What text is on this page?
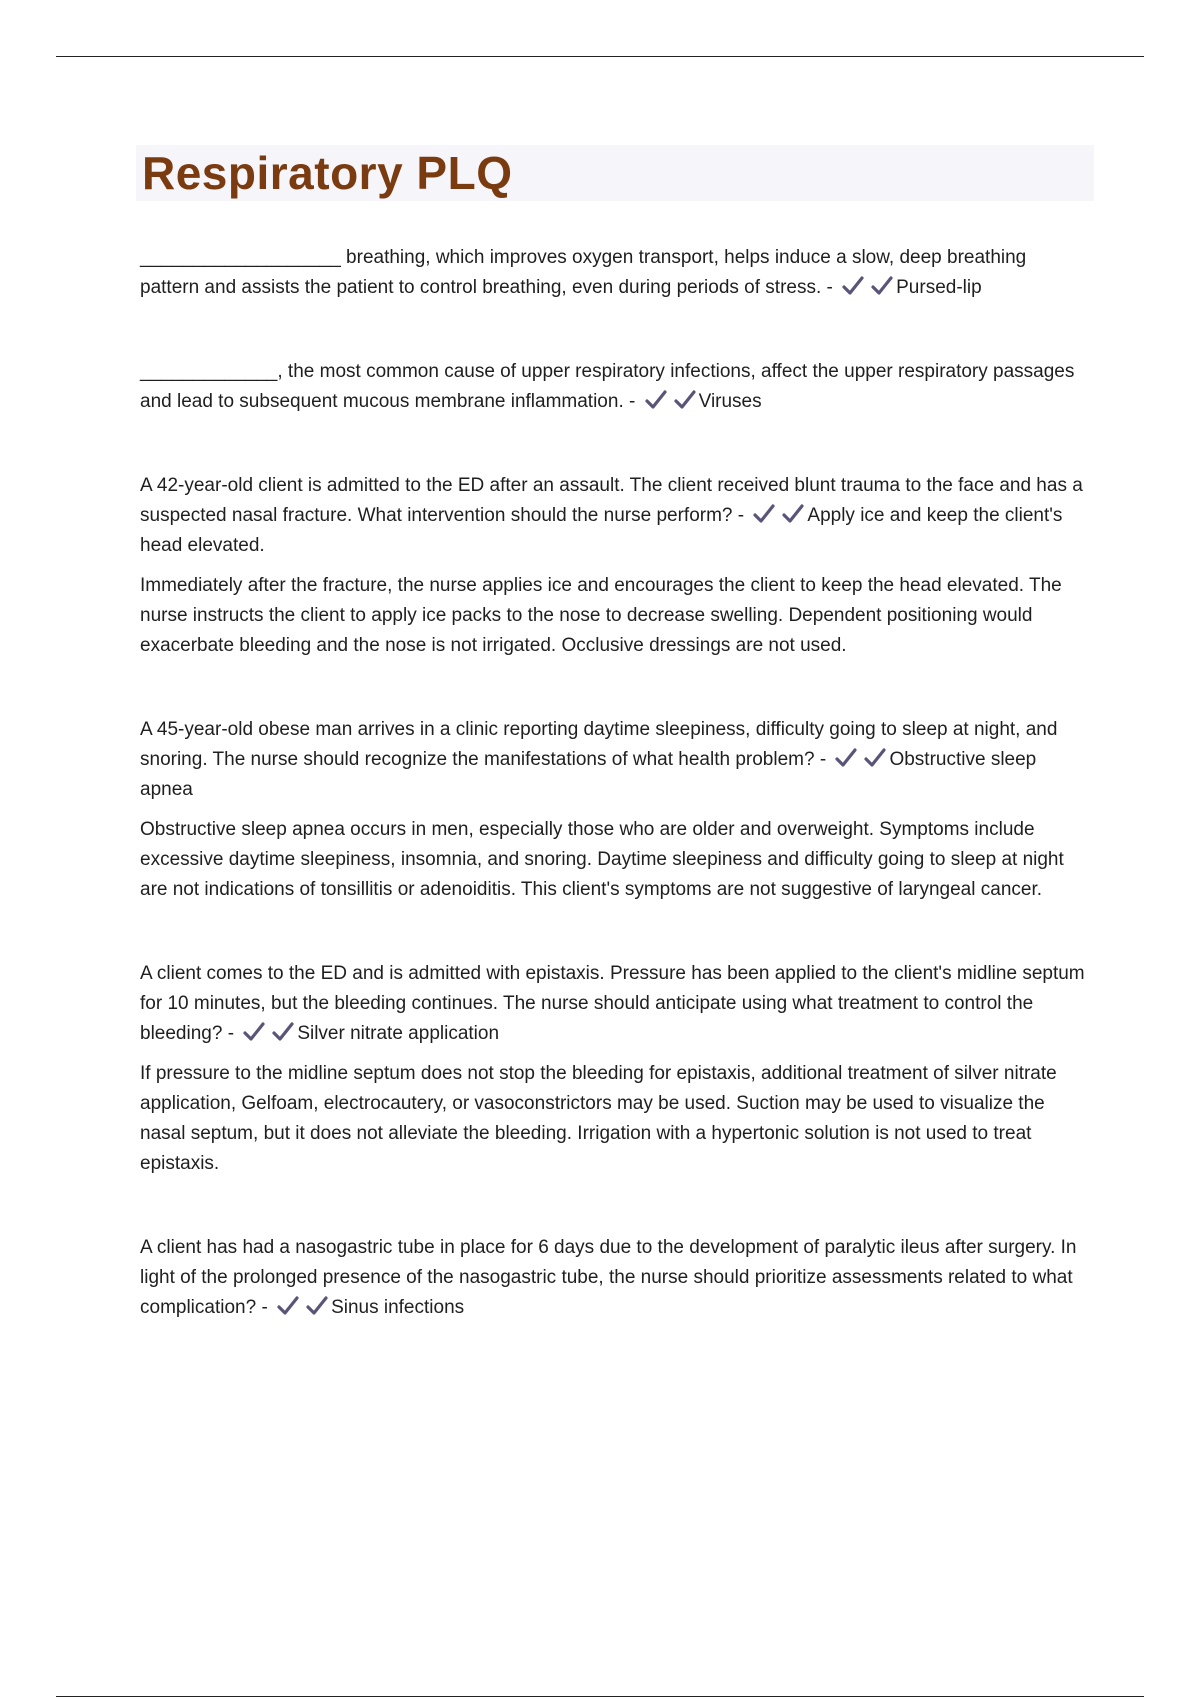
Respiratory PLQ

___________________ breathing, which improves oxygen transport, helps induce a slow, deep breathing pattern and assists the patient to control breathing, even during periods of stress. -	Pursed-lip

_____________, the most common cause of upper respiratory infections, affect the upper respiratory passages and lead to subsequent mucous membrane inflammation. -	Viruses

A 42-year-old client is admitted to the ED after an assault. The client received blunt trauma to the face and has a suspected nasal fracture. What intervention should the nurse perform? -	Apply ice and keep the client's head elevated.

Immediately after the fracture, the nurse applies ice and encourages the client to keep the head elevated. The nurse instructs the client to apply ice packs to the nose to decrease swelling. Dependent positioning would exacerbate bleeding and the nose is not irrigated. Occlusive dressings are not used.

A 45-year-old obese man arrives in a clinic reporting daytime sleepiness, difficulty going to sleep at night, and snoring. The nurse should recognize the manifestations of what health problem? -	Obstructive sleep apnea

Obstructive sleep apnea occurs in men, especially those who are older and overweight. Symptoms include excessive daytime sleepiness, insomnia, and snoring. Daytime sleepiness and difficulty going to sleep at night are not indications of tonsillitis or adenoiditis. This client's symptoms are not suggestive of laryngeal cancer.

A client comes to the ED and is admitted with epistaxis. Pressure has been applied to the client's midline septum for 10 minutes, but the bleeding continues. The nurse should anticipate using what treatment to control the bleeding? -	Silver nitrate application

If pressure to the midline septum does not stop the bleeding for epistaxis, additional treatment of silver nitrate application, Gelfoam, electrocautery, or vasoconstrictors may be used. Suction may be used to visualize the nasal septum, but it does not alleviate the bleeding. Irrigation with a hypertonic solution is not used to treat epistaxis.

A client has had a nasogastric tube in place for 6 days due to the development of paralytic ileus after surgery. In light of the prolonged presence of the nasogastric tube, the nurse should prioritize assessments related to what complication? -	Sinus infections
